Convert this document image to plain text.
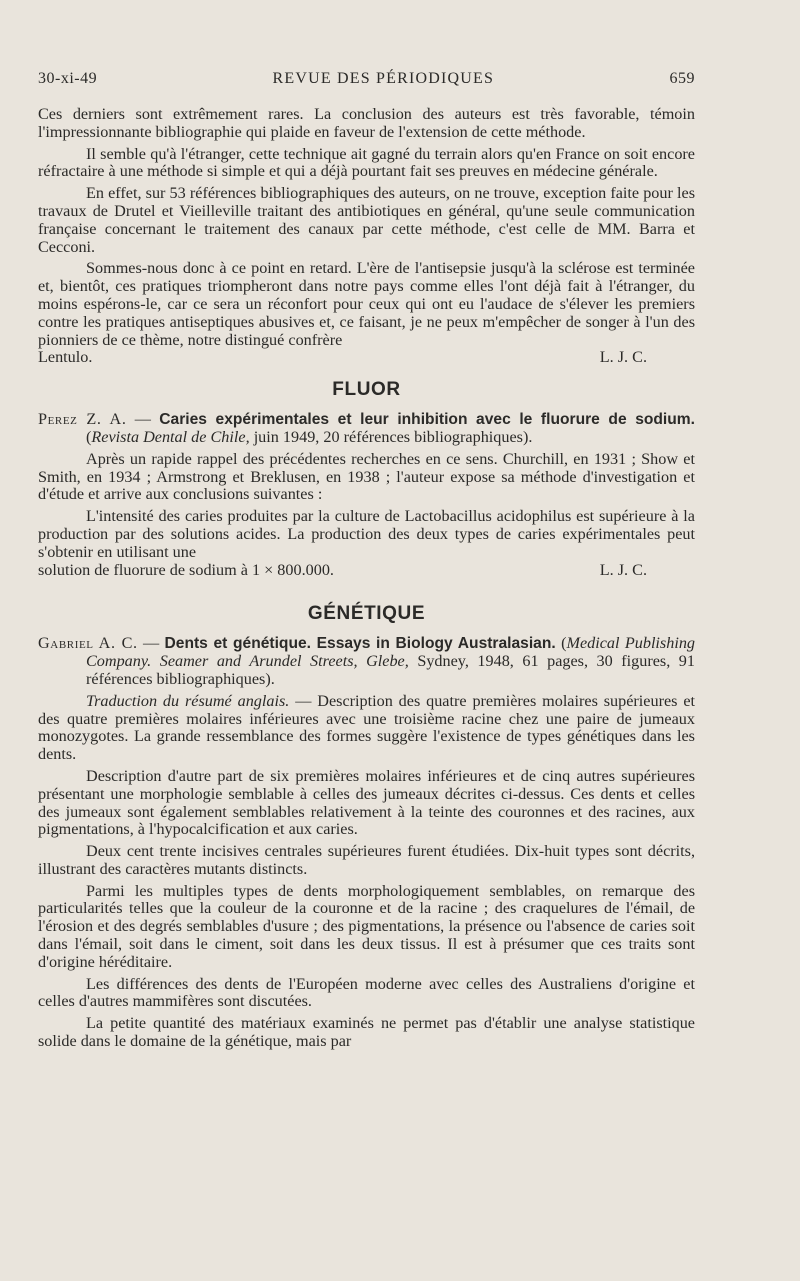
30-xi-49	REVUE DES PÉRIODIQUES	659

Ces derniers sont extrêmement rares. La conclusion des auteurs est très favorable, témoin l'impressionnante bibliographie qui plaide en faveur de l'extension de cette méthode.

Il semble qu'à l'étranger, cette technique ait gagné du terrain alors qu'en France on soit encore réfractaire à une méthode si simple et qui a déjà pourtant fait ses preuves en médecine générale.

En effet, sur 53 références bibliographiques des auteurs, on ne trouve, exception faite pour les travaux de Drutel et Vieilleville traitant des antibiotiques en général, qu'une seule communication française concernant le traitement des canaux par cette méthode, c'est celle de MM. Barra et Cecconi.

Sommes-nous donc à ce point en retard. L'ère de l'antisepsie jusqu'à la sclérose est terminée et, bientôt, ces pratiques triompheront dans notre pays comme elles l'ont déjà fait à l'étranger, du moins espérons-le, car ce sera un réconfort pour ceux qui ont eu l'audace de s'élever les premiers contre les pratiques antiseptiques abusives et, ce faisant, je ne peux m'empêcher de songer à l'un des pionniers de ce thème, notre distingué confrère

Lentulo.	L. J. C.
FLUOR
Perez Z. A. — Caries expérimentales et leur inhibition avec le fluorure de sodium. (Revista Dental de Chile, juin 1949, 20 références bibliographiques).

Après un rapide rappel des précédentes recherches en ce sens. Churchill, en 1931 ; Show et Smith, en 1934 ; Armstrong et Breklusen, en 1938 ; l'auteur expose sa méthode d'investigation et d'étude et arrive aux conclusions suivantes :

L'intensité des caries produites par la culture de Lactobacillus acidophilus est supérieure à la production par des solutions acides. La production des deux types de caries expérimentales peut s'obtenir en utilisant une

solution de fluorure de sodium à 1 × 800.000.	L. J. C.
GÉNÉTIQUE
Gabriel A. C. — Dents et génétique. Essays in Biology Australasian. (Medical Publishing Company. Seamer and Arundel Streets, Glebe, Sydney, 1948, 61 pages, 30 figures, 91 références bibliographiques).

Traduction du résumé anglais. — Description des quatre premières molaires supérieures et des quatre premières molaires inférieures avec une troisième racine chez une paire de jumeaux monozygotes. La grande ressemblance des formes suggère l'existence de types génétiques dans les dents.

Description d'autre part de six premières molaires inférieures et de cinq autres supérieures présentant une morphologie semblable à celles des jumeaux décrites ci-dessus. Ces dents et celles des jumeaux sont également semblables relativement à la teinte des couronnes et des racines, aux pigmentations, à l'hypocalcification et aux caries.

Deux cent trente incisives centrales supérieures furent étudiées. Dix-huit types sont décrits, illustrant des caractères mutants distincts.

Parmi les multiples types de dents morphologiquement semblables, on remarque des particularités telles que la couleur de la couronne et de la racine ; des craquelures de l'émail, de l'érosion et des degrés semblables d'usure ; des pigmentations, la présence ou l'absence de caries soit dans l'émail, soit dans le ciment, soit dans les deux tissus. Il est à présumer que ces traits sont d'origine héréditaire.

Les différences des dents de l'Européen moderne avec celles des Australiens d'origine et celles d'autres mammifères sont discutées.

La petite quantité des matériaux examinés ne permet pas d'établir une analyse statistique solide dans le domaine de la génétique, mais par
